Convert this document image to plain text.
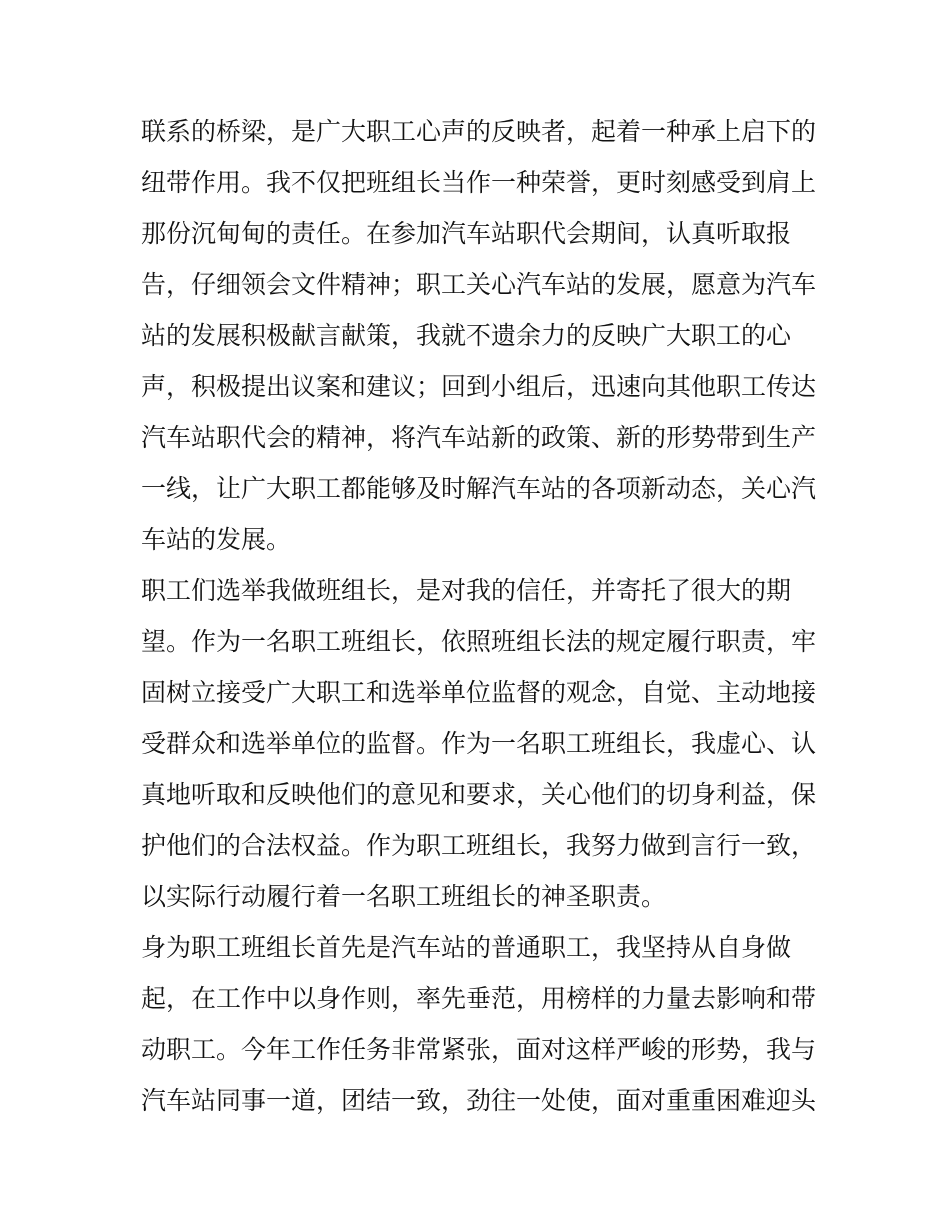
联系的桥梁，是广大职工心声的反映者，起着一种承上启下的
纽带作用。我不仅把班组长当作一种荣誉，更时刻感受到肩上
那份沉甸甸的责任。在参加汽车站职代会期间，认真听取报
告，仔细领会文件精神；职工关心汽车站的发展，愿意为汽车
站的发展积极献言献策，我就不遗余力的反映广大职工的心
声，积极提出议案和建议；回到小组后，迅速向其他职工传达
汽车站职代会的精神，将汽车站新的政策、新的形势带到生产
一线，让广大职工都能够及时解汽车站的各项新动态，关心汽
车站的发展。
职工们选举我做班组长，是对我的信任，并寄托了很大的期
望。作为一名职工班组长，依照班组长法的规定履行职责，牢
固树立接受广大职工和选举单位监督的观念，自觉、主动地接
受群众和选举单位的监督。作为一名职工班组长，我虚心、认
真地听取和反映他们的意见和要求，关心他们的切身利益，保
护他们的合法权益。作为职工班组长，我努力做到言行一致，
以实际行动履行着一名职工班组长的神圣职责。
身为职工班组长首先是汽车站的普通职工，我坚持从自身做
起，在工作中以身作则，率先垂范，用榜样的力量去影响和带
动职工。今年工作任务非常紧张，面对这样严峻的形势，我与
汽车站同事一道，团结一致，劲往一处使，面对重重困难迎头
